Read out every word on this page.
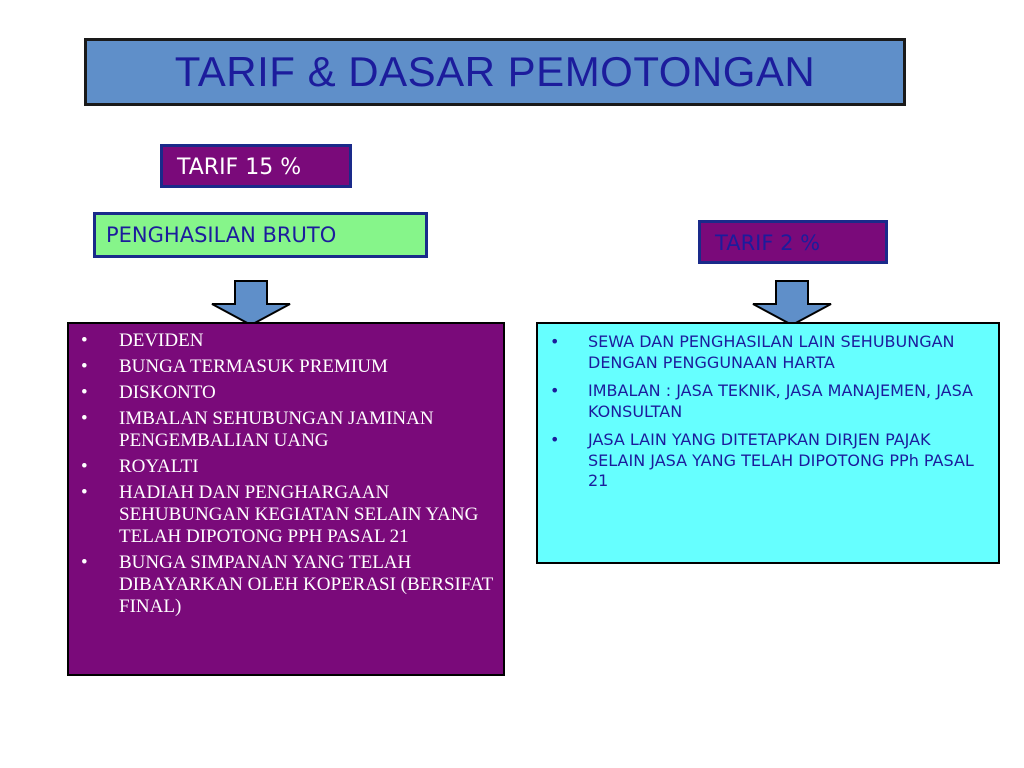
TARIF & DASAR PEMOTONGAN
TARIF 15 %
PENGHASILAN BRUTO	TARIF 2 %
• DEVIDEN
• BUNGA TERMASUK PREMIUM
• DISKONTO
• IMBALAN SEHUBUNGAN JAMINAN PENGEMBALIAN UANG
• ROYALTI
• HADIAH DAN PENGHARGAAN SEHUBUNGAN KEGIATAN SELAIN YANG TELAH DIPOTONG PPH PASAL 21
• BUNGA SIMPANAN YANG TELAH DIBAYARKAN OLEH KOPERASI (BERSIFAT FINAL)
• SEWA DAN PENGHASILAN LAIN SEHUBUNGAN DENGAN PENGGUNAAN HARTA
• IMBALAN : JASA TEKNIK, JASA MANAJEMEN, JASA KONSULTAN
• JASA LAIN YANG DITETAPKAN DIRJEN PAJAK SELAIN JASA YANG TELAH DIPOTONG PPh PASAL 21
